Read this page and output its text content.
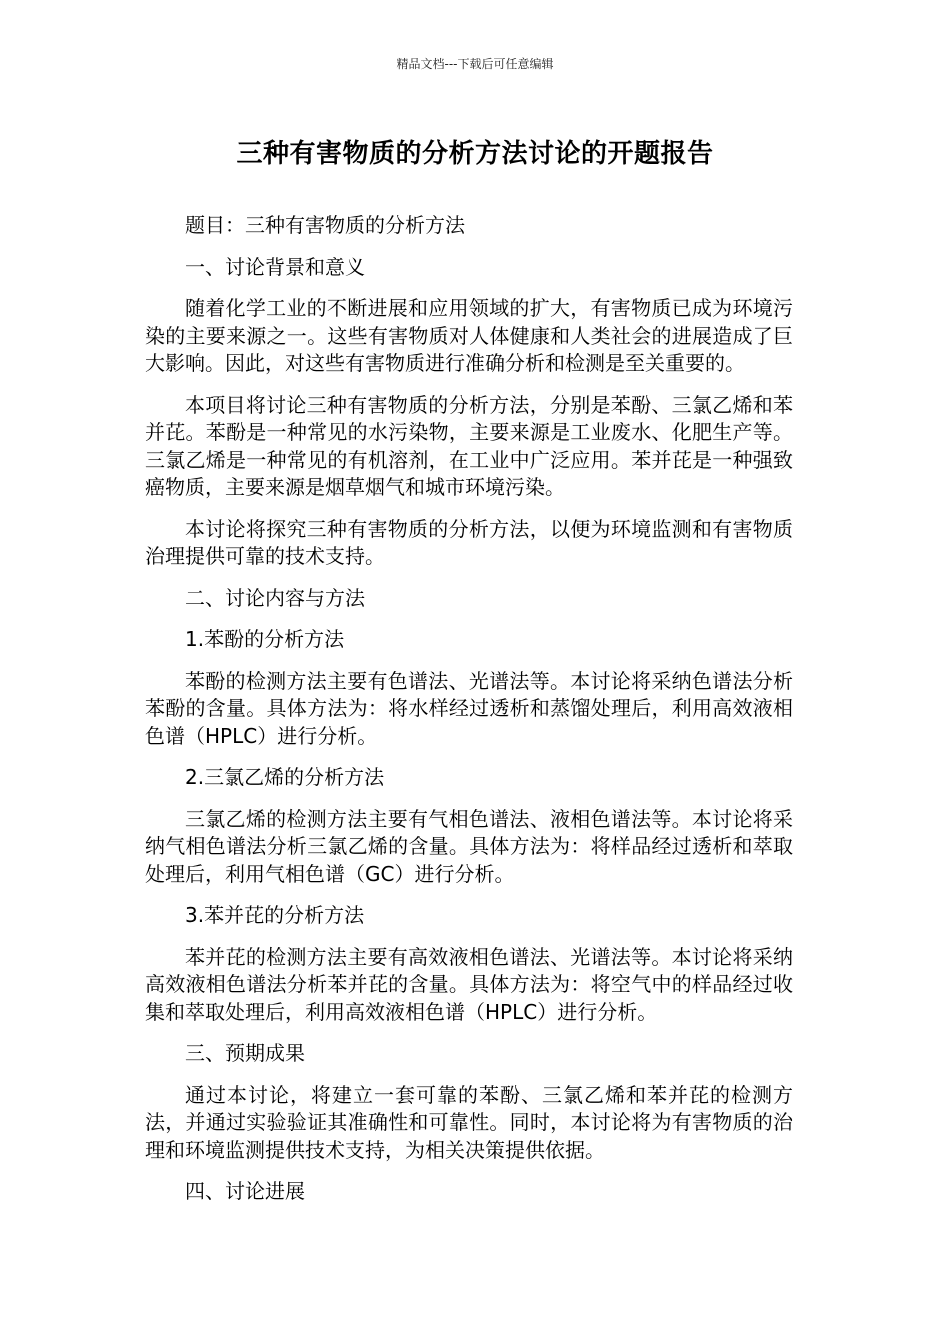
精品文档---下载后可任意编辑
三种有害物质的分析方法讨论的开题报告

题目：三种有害物质的分析方法

一、讨论背景和意义

随着化学工业的不断进展和应用领域的扩大，有害物质已成为环境污染的主要来源之一。这些有害物质对人体健康和人类社会的进展造成了巨大影响。因此，对这些有害物质进行准确分析和检测是至关重要的。

本项目将讨论三种有害物质的分析方法，分别是苯酚、三氯乙烯和苯并芘。苯酚是一种常见的水污染物，主要来源是工业废水、化肥生产等。三氯乙烯是一种常见的有机溶剂，在工业中广泛应用。苯并芘是一种强致癌物质，主要来源是烟草烟气和城市环境污染。

本讨论将探究三种有害物质的分析方法，以便为环境监测和有害物质治理提供可靠的技术支持。

二、讨论内容与方法

1.苯酚的分析方法

苯酚的检测方法主要有色谱法、光谱法等。本讨论将采纳色谱法分析苯酚的含量。具体方法为：将水样经过透析和蒸馏处理后，利用高效液相色谱（HPLC）进行分析。

2.三氯乙烯的分析方法

三氯乙烯的检测方法主要有气相色谱法、液相色谱法等。本讨论将采纳气相色谱法分析三氯乙烯的含量。具体方法为：将样品经过透析和萃取处理后，利用气相色谱（GC）进行分析。

3.苯并芘的分析方法

苯并芘的检测方法主要有高效液相色谱法、光谱法等。本讨论将采纳高效液相色谱法分析苯并芘的含量。具体方法为：将空气中的样品经过收集和萃取处理后，利用高效液相色谱（HPLC）进行分析。

三、预期成果

通过本讨论，将建立一套可靠的苯酚、三氯乙烯和苯并芘的检测方法，并通过实验验证其准确性和可靠性。同时，本讨论将为有害物质的治理和环境监测提供技术支持，为相关决策提供依据。

四、讨论进展
